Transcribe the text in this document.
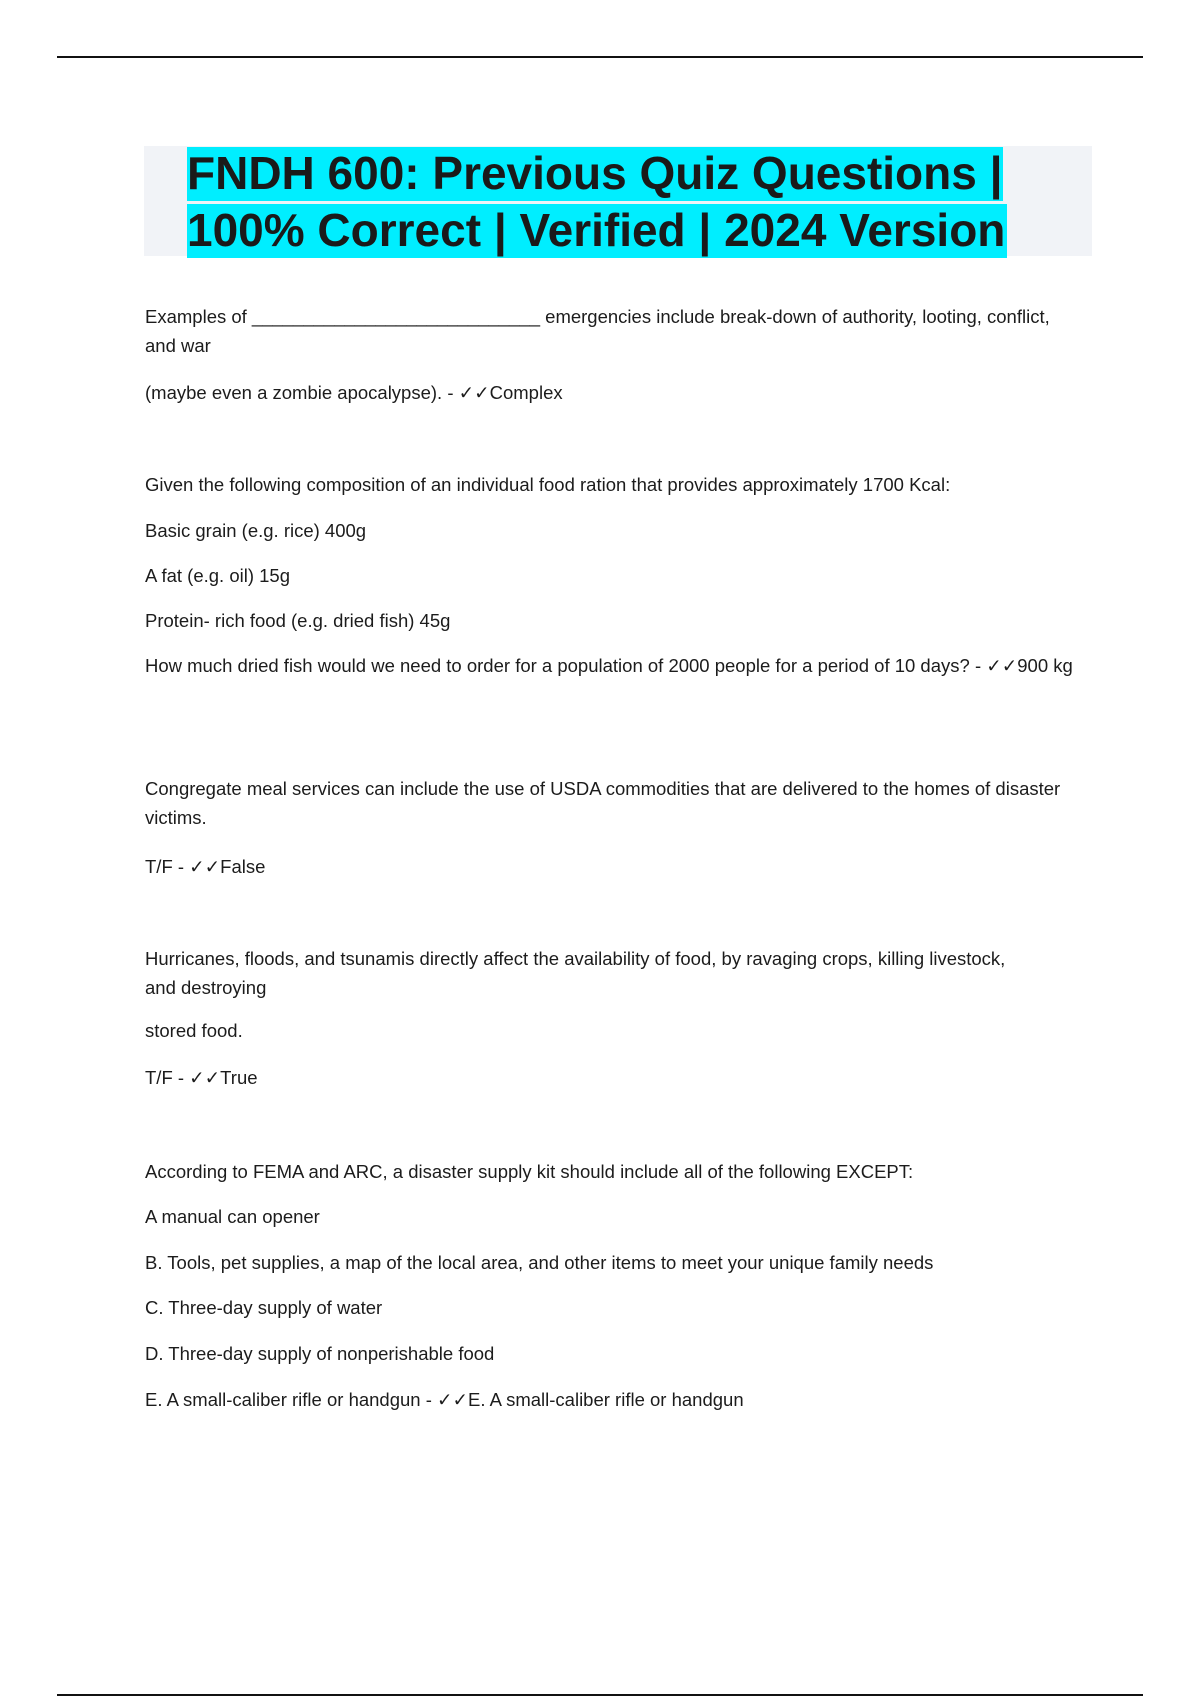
FNDH 600: Previous Quiz Questions | 100% Correct | Verified | 2024 Version

Examples of ____________________________ emergencies include break-down of authority, looting, conflict, and war

(maybe even a zombie apocalypse). - ✓✓Complex

Given the following composition of an individual food ration that provides approximately 1700 Kcal:

Basic grain (e.g. rice) 400g

A fat (e.g. oil) 15g

Protein- rich food (e.g. dried fish) 45g

How much dried fish would we need to order for a population of 2000 people for a period of 10 days? - ✓✓900 kg

Congregate meal services can include the use of USDA commodities that are delivered to the homes of disaster victims.

T/F - ✓✓False

Hurricanes, floods, and tsunamis directly affect the availability of food, by ravaging crops, killing livestock, and destroying

stored food.

T/F - ✓✓True

According to FEMA and ARC, a disaster supply kit should include all of the following EXCEPT:

A manual can opener

B. Tools, pet supplies, a map of the local area, and other items to meet your unique family needs

C. Three-day supply of water

D. Three-day supply of nonperishable food

E. A small-caliber rifle or handgun - ✓✓E. A small-caliber rifle or handgun
